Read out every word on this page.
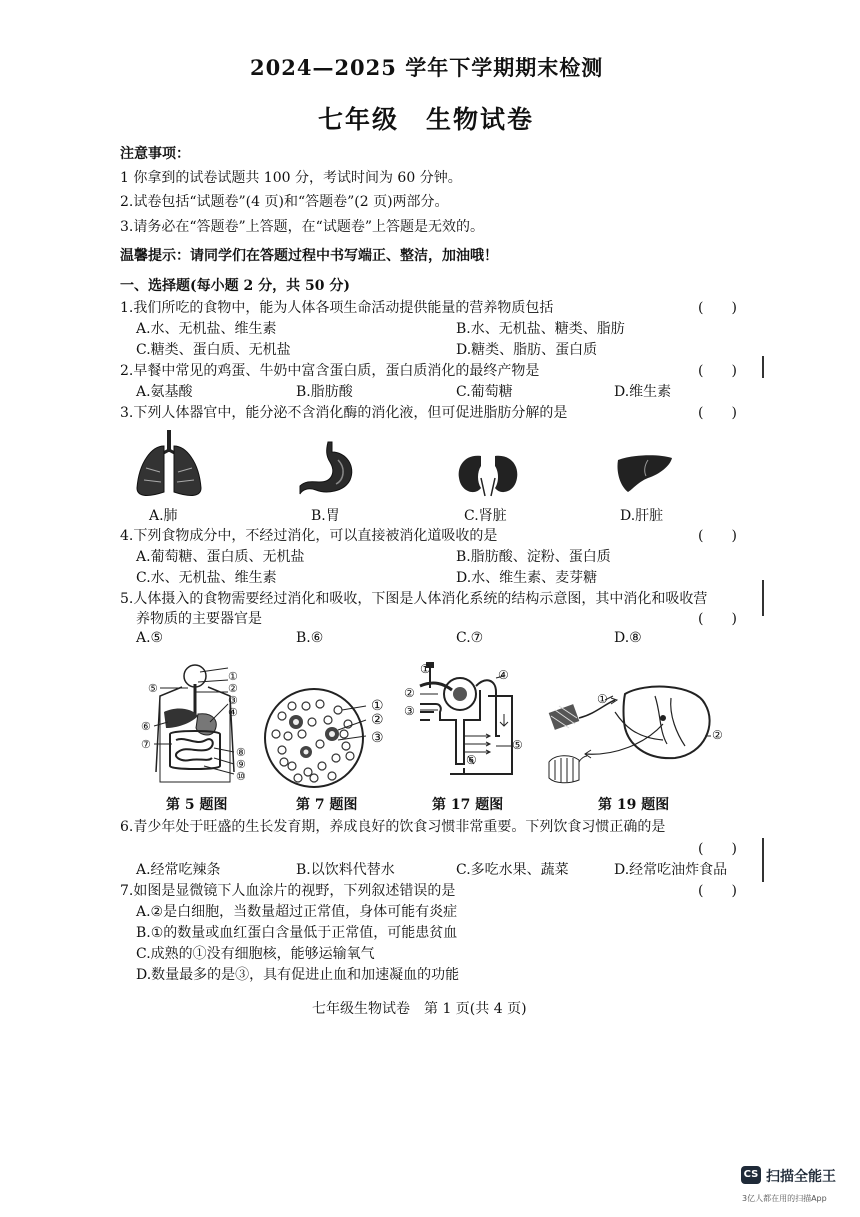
2024—2025 学年下学期期末检测
七年级　生物试卷
注意事项：
1 你拿到的试卷试题共 100 分，考试时间为 60 分钟。
2.试卷包括“试题卷”(4 页)和“答题卷”(2 页)两部分。
3.请务必在“答题卷”上答题，在“试题卷”上答题是无效的。
温馨提示：请同学们在答题过程中书写端正、整洁，加油哦！
一、选择题(每小题 2 分，共 50 分)
1.我们所吃的食物中，能为人体各项生命活动提供能量的营养物质包括	(　　)
A.水、无机盐、维生素	B.水、无机盐、糖类、脂肪
C.糖类、蛋白质、无机盐	D.糖类、脂肪、蛋白质
2.早餐中常见的鸡蛋、牛奶中富含蛋白质，蛋白质消化的最终产物是	(　　)
A.氨基酸	B.脂肪酸	C.葡萄糖	D.维生素
3.下列人体器官中，能分泌不含消化酶的消化液，但可促进脂肪分解的是	(　　)
A.肺	B.胃	C.肾脏	D.肝脏
4.下列食物成分中，不经过消化，可以直接被消化道吸收的是	(　　)
A.葡萄糖、蛋白质、无机盐	B.脂肪酸、淀粉、蛋白质
C.水、无机盐、维生素	D.水、维生素、麦芽糖
5.人体摄入的食物需要经过消化和吸收，下图是人体消化系统的结构示意图，其中消化和吸收营
养物质的主要器官是	(　　)
A.⑤	B.⑥	C.⑦	D.⑧
①
②
③
④
⑤
⑥
⑦
⑧
⑨
⑩
①
②
③
①
②
③
④
⑤
⑥
①
②
第 5 题图	第 7 题图	第 17 题图	第 19 题图
6.青少年处于旺盛的生长发育期，养成良好的饮食习惯非常重要。下列饮食习惯正确的是
(　　)
A.经常吃辣条	B.以饮料代替水	C.多吃水果、蔬菜	D.经常吃油炸食品
7.如图是显微镜下人血涂片的视野，下列叙述错误的是	(　　)
A.②是白细胞，当数量超过正常值，身体可能有炎症
B.①的数量或血红蛋白含量低于正常值，可能患贫血
C.成熟的①没有细胞核，能够运输氧气
D.数量最多的是③，具有促进止血和加速凝血的功能
七年级生物试卷　第 1 页(共 4 页)
CS 扫描全能王
3亿人都在用的扫描App
